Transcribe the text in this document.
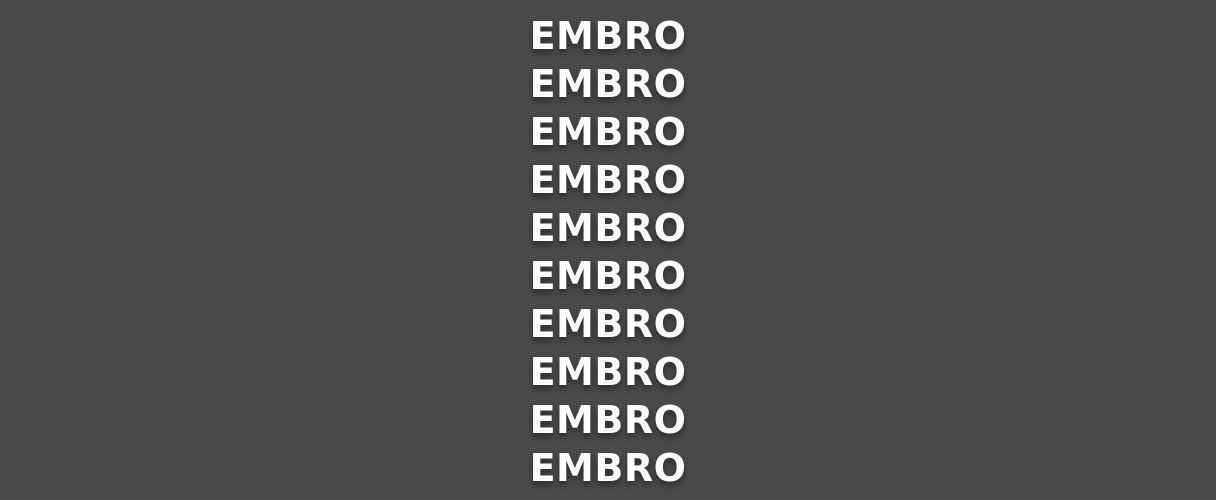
EMBRO
EMBRO
EMBRO
EMBRO
EMBRO
EMBRO
EMBRO
EMBRO
EMBRO
EMBRO
